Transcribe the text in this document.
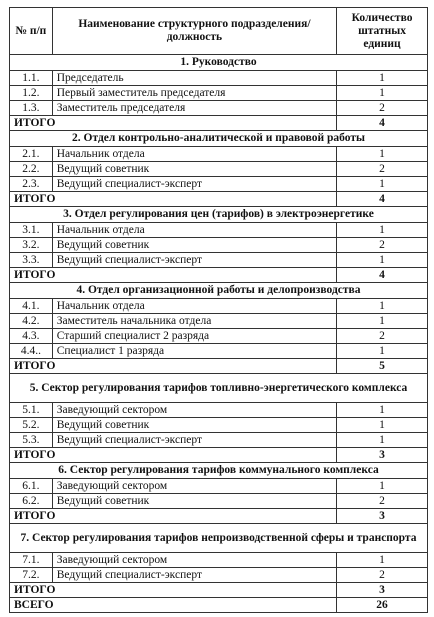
№ п/п	Наименование структурного подразделения/должность	Количество штатных единиц
1. Руководство		
1.1.	Председатель	1
1.2.	Первый заместитель председателя	1
1.3.	Заместитель председателя	2
ИТОГО		4
2. Отдел контрольно-аналитической и правовой работы		
2.1.	Начальник отдела	1
2.2.	Ведущий советник	2
2.3.	Ведущий специалист-эксперт	1
ИТОГО		4
3. Отдел регулирования цен (тарифов) в электроэнергетике		
3.1.	Начальник отдела	1
3.2.	Ведущий советник	2
3.3.	Ведущий специалист-эксперт	1
ИТОГО		4
4. Отдел организационной работы и делопроизводства		
4.1.	Начальник отдела	1
4.2.	Заместитель начальника отдела	1
4.3.	Старший специалист 2 разряда	2
4.4..	Специалист 1 разряда	1
ИТОГО		5
5. Сектор регулирования тарифов топливно-энергетического комплекса		
5.1.	Заведующий сектором	1
5.2.	Ведущий советник	1
5.3.	Ведущий специалист-эксперт	1
ИТОГО		3
6. Сектор регулирования тарифов коммунального комплекса		
6.1.	Заведующий сектором	1
6.2.	Ведущий советник	2
ИТОГО		3
7. Сектор регулирования тарифов непроизводственной сферы и транспорта		
7.1.	Заведующий сектором	1
7.2.	Ведущий специалист-эксперт	2
ИТОГО		3
ВСЕГО		26
